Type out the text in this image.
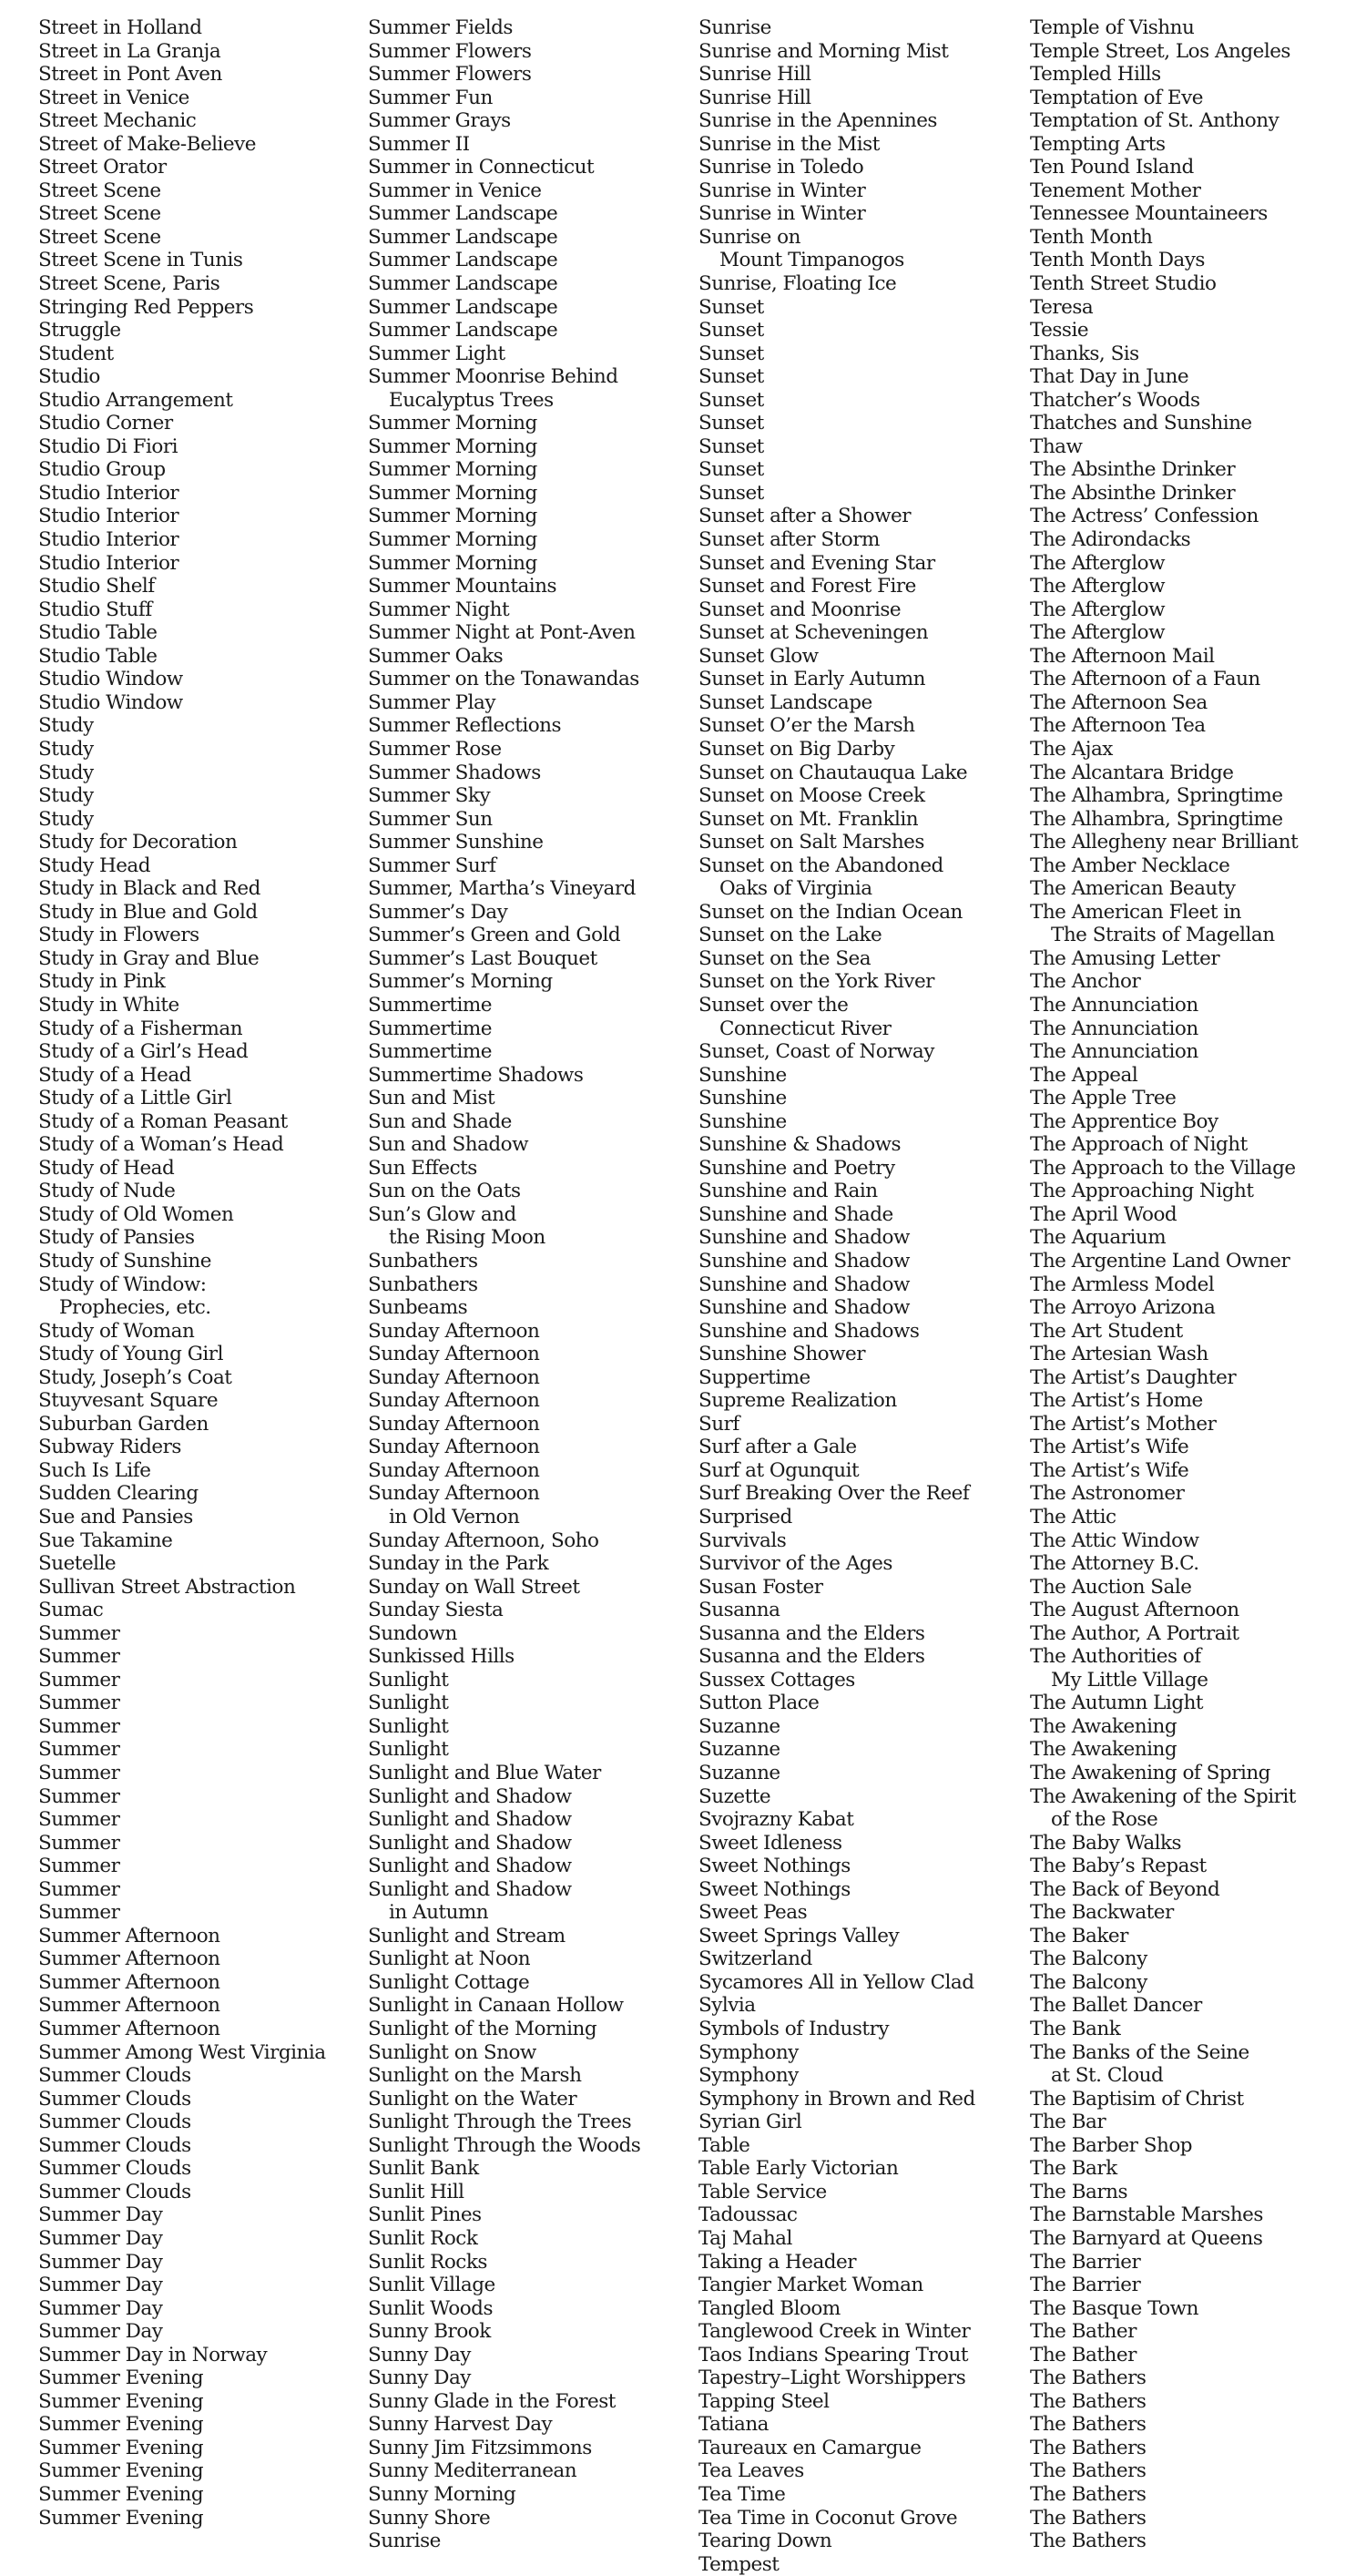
Street in Holland
Street in La Granja
Street in Pont Aven
Street in Venice
Street Mechanic
Street of Make-Believe
Street Orator
Street Scene
Street Scene
Street Scene
Street Scene in Tunis
Street Scene, Paris
Stringing Red Peppers
Struggle
Student
Studio
Studio Arrangement
Studio Corner
Studio Di Fiori
Studio Group
Studio Interior
Studio Interior
Studio Interior
Studio Interior
Studio Shelf
Studio Stuff
Studio Table
Studio Table
Studio Window
Studio Window
Study
Study
Study
Study
Study
Study for Decoration
Study Head
Study in Black and Red
Study in Blue and Gold
Study in Flowers
Study in Gray and Blue
Study in Pink
Study in White
Study of a Fisherman
Study of a Girl’s Head
Study of a Head
Study of a Little Girl
Study of a Roman Peasant
Study of a Woman’s Head
Study of Head
Study of Nude
Study of Old Women
Study of Pansies
Study of Sunshine
Study of Window:
Prophecies, etc.
Study of Woman
Study of Young Girl
Study, Joseph’s Coat
Stuyvesant Square
Suburban Garden
Subway Riders
Such Is Life
Sudden Clearing
Sue and Pansies
Sue Takamine
Suetelle
Sullivan Street Abstraction
Sumac
Summer
Summer
Summer
Summer
Summer
Summer
Summer
Summer
Summer
Summer
Summer
Summer
Summer
Summer Afternoon
Summer Afternoon
Summer Afternoon
Summer Afternoon
Summer Afternoon
Summer Among West Virginia
Summer Clouds
Summer Clouds
Summer Clouds
Summer Clouds
Summer Clouds
Summer Clouds
Summer Day
Summer Day
Summer Day
Summer Day
Summer Day
Summer Day
Summer Day in Norway
Summer Evening
Summer Evening
Summer Evening
Summer Evening
Summer Evening
Summer Evening
Summer Evening
Summer Fields
Summer Flowers
Summer Flowers
Summer Fun
Summer Grays
Summer II
Summer in Connecticut
Summer in Venice
Summer Landscape
Summer Landscape
Summer Landscape
Summer Landscape
Summer Landscape
Summer Landscape
Summer Light
Summer Moonrise Behind
Eucalyptus Trees
Summer Morning
Summer Morning
Summer Morning
Summer Morning
Summer Morning
Summer Morning
Summer Morning
Summer Mountains
Summer Night
Summer Night at Pont-Aven
Summer Oaks
Summer on the Tonawandas
Summer Play
Summer Reflections
Summer Rose
Summer Shadows
Summer Sky
Summer Sun
Summer Sunshine
Summer Surf
Summer, Martha’s Vineyard
Summer’s Day
Summer’s Green and Gold
Summer’s Last Bouquet
Summer’s Morning
Summertime
Summertime
Summertime
Summertime Shadows
Sun and Mist
Sun and Shade
Sun and Shadow
Sun Effects
Sun on the Oats
Sun’s Glow and
the Rising Moon
Sunbathers
Sunbathers
Sunbeams
Sunday Afternoon
Sunday Afternoon
Sunday Afternoon
Sunday Afternoon
Sunday Afternoon
Sunday Afternoon
Sunday Afternoon
Sunday Afternoon
in Old Vernon
Sunday Afternoon, Soho
Sunday in the Park
Sunday on Wall Street
Sunday Siesta
Sundown
Sunkissed Hills
Sunlight
Sunlight
Sunlight
Sunlight
Sunlight and Blue Water
Sunlight and Shadow
Sunlight and Shadow
Sunlight and Shadow
Sunlight and Shadow
Sunlight and Shadow
in Autumn
Sunlight and Stream
Sunlight at Noon
Sunlight Cottage
Sunlight in Canaan Hollow
Sunlight of the Morning
Sunlight on Snow
Sunlight on the Marsh
Sunlight on the Water
Sunlight Through the Trees
Sunlight Through the Woods
Sunlit Bank
Sunlit Hill
Sunlit Pines
Sunlit Rock
Sunlit Rocks
Sunlit Village
Sunlit Woods
Sunny Brook
Sunny Day
Sunny Day
Sunny Glade in the Forest
Sunny Harvest Day
Sunny Jim Fitzsimmons
Sunny Mediterranean
Sunny Morning
Sunny Shore
Sunrise
Sunrise
Sunrise and Morning Mist
Sunrise Hill
Sunrise Hill
Sunrise in the Apennines
Sunrise in the Mist
Sunrise in Toledo
Sunrise in Winter
Sunrise in Winter
Sunrise on
Mount Timpanogos
Sunrise, Floating Ice
Sunset
Sunset
Sunset
Sunset
Sunset
Sunset
Sunset
Sunset
Sunset
Sunset after a Shower
Sunset after Storm
Sunset and Evening Star
Sunset and Forest Fire
Sunset and Moonrise
Sunset at Scheveningen
Sunset Glow
Sunset in Early Autumn
Sunset Landscape
Sunset O’er the Marsh
Sunset on Big Darby
Sunset on Chautauqua Lake
Sunset on Moose Creek
Sunset on Mt. Franklin
Sunset on Salt Marshes
Sunset on the Abandoned
Oaks of Virginia
Sunset on the Indian Ocean
Sunset on the Lake
Sunset on the Sea
Sunset on the York River
Sunset over the
Connecticut River
Sunset, Coast of Norway
Sunshine
Sunshine
Sunshine
Sunshine & Shadows
Sunshine and Poetry
Sunshine and Rain
Sunshine and Shade
Sunshine and Shadow
Sunshine and Shadow
Sunshine and Shadow
Sunshine and Shadow
Sunshine and Shadows
Sunshine Shower
Suppertime
Supreme Realization
Surf
Surf after a Gale
Surf at Ogunquit
Surf Breaking Over the Reef
Surprised
Survivals
Survivor of the Ages
Susan Foster
Susanna
Susanna and the Elders
Susanna and the Elders
Sussex Cottages
Sutton Place
Suzanne
Suzanne
Suzanne
Suzette
Svojrazny Kabat
Sweet Idleness
Sweet Nothings
Sweet Nothings
Sweet Peas
Sweet Springs Valley
Switzerland
Sycamores All in Yellow Clad
Sylvia
Symbols of Industry
Symphony
Symphony
Symphony in Brown and Red
Syrian Girl
Table
Table Early Victorian
Table Service
Tadoussac
Taj Mahal
Taking a Header
Tangier Market Woman
Tangled Bloom
Tanglewood Creek in Winter
Taos Indians Spearing Trout
Tapestry–Light Worshippers
Tapping Steel
Tatiana
Taureaux en Camargue
Tea Leaves
Tea Time
Tea Time in Coconut Grove
Tearing Down
Tempest
Temple of Vishnu
Temple Street, Los Angeles
Templed Hills
Temptation of Eve
Temptation of St. Anthony
Tempting Arts
Ten Pound Island
Tenement Mother
Tennessee Mountaineers
Tenth Month
Tenth Month Days
Tenth Street Studio
Teresa
Tessie
Thanks, Sis
That Day in June
Thatcher’s Woods
Thatches and Sunshine
Thaw
The Absinthe Drinker
The Absinthe Drinker
The Actress’ Confession
The Adirondacks
The Afterglow
The Afterglow
The Afterglow
The Afterglow
The Afternoon Mail
The Afternoon of a Faun
The Afternoon Sea
The Afternoon Tea
The Ajax
The Alcantara Bridge
The Alhambra, Springtime
The Alhambra, Springtime
The Allegheny near Brilliant
The Amber Necklace
The American Beauty
The American Fleet in
The Straits of Magellan
The Amusing Letter
The Anchor
The Annunciation
The Annunciation
The Annunciation
The Appeal
The Apple Tree
The Apprentice Boy
The Approach of Night
The Approach to the Village
The Approaching Night
The April Wood
The Aquarium
The Argentine Land Owner
The Armless Model
The Arroyo Arizona
The Art Student
The Artesian Wash
The Artist’s Daughter
The Artist’s Home
The Artist’s Mother
The Artist’s Wife
The Artist’s Wife
The Astronomer
The Attic
The Attic Window
The Attorney B.C.
The Auction Sale
The August Afternoon
The Author, A Portrait
The Authorities of
My Little Village
The Autumn Light
The Awakening
The Awakening
The Awakening of Spring
The Awakening of the Spirit
of the Rose
The Baby Walks
The Baby’s Repast
The Back of Beyond
The Backwater
The Baker
The Balcony
The Balcony
The Ballet Dancer
The Bank
The Banks of the Seine
at St. Cloud
The Baptisim of Christ
The Bar
The Barber Shop
The Bark
The Barns
The Barnstable Marshes
The Barnyard at Queens
The Barrier
The Barrier
The Basque Town
The Bather
The Bather
The Bathers
The Bathers
The Bathers
The Bathers
The Bathers
The Bathers
The Bathers
The Bathers
